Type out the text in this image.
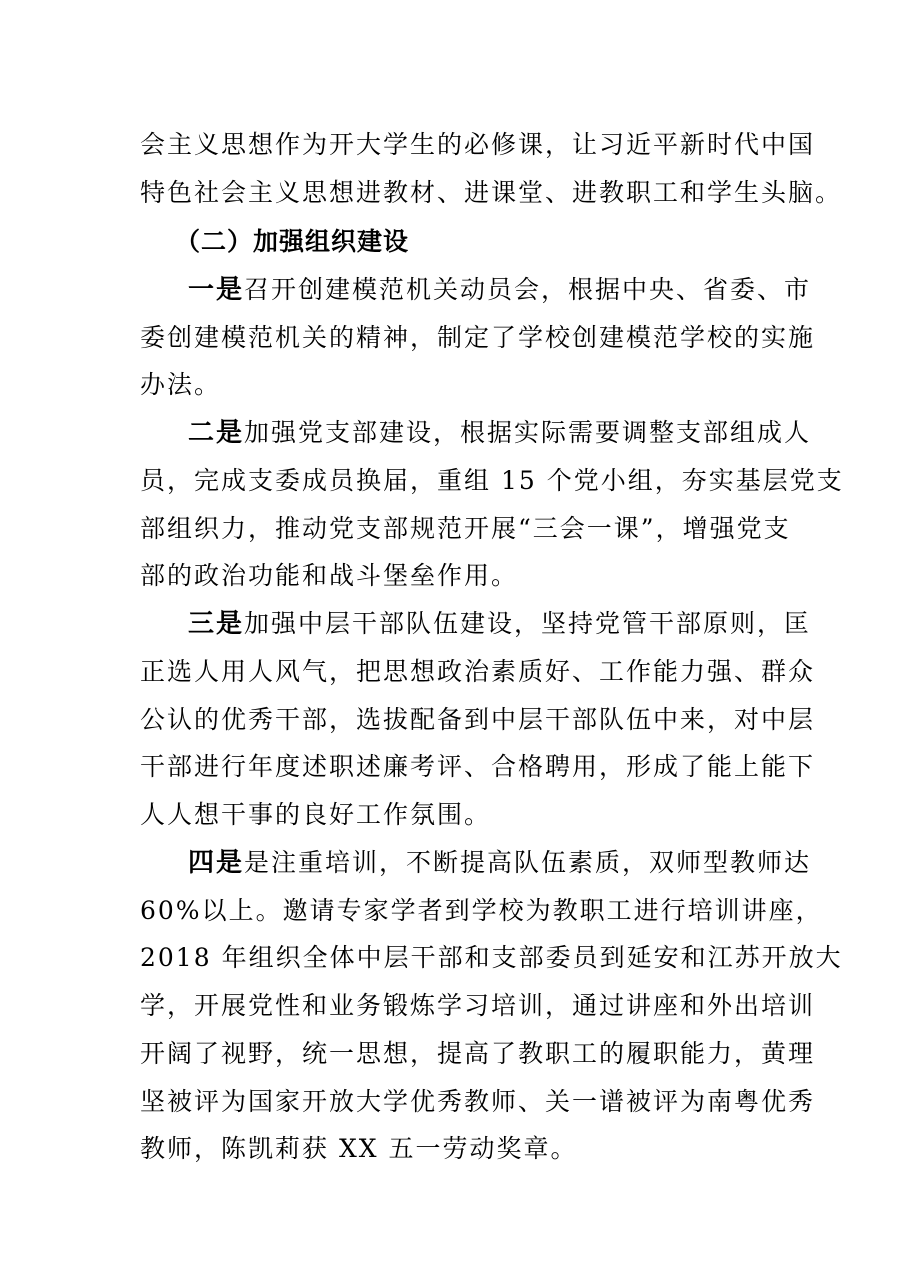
会主义思想作为开大学生的必修课，让习近平新时代中国
特色社会主义思想进教材、进课堂、进教职工和学生头脑。
（二）加强组织建设
一是召开创建模范机关动员会，根据中央、省委、市
委创建模范机关的精神，制定了学校创建模范学校的实施
办法。
二是加强党支部建设，根据实际需要调整支部组成人
员，完成支委成员换届，重组 15 个党小组，夯实基层党支
部组织力，推动党支部规范开展“三会一课”，增强党支
部的政治功能和战斗堡垒作用。
三是加强中层干部队伍建设，坚持党管干部原则，匡
正选人用人风气，把思想政治素质好、工作能力强、群众
公认的优秀干部，选拔配备到中层干部队伍中来，对中层
干部进行年度述职述廉考评、合格聘用，形成了能上能下
人人想干事的良好工作氛围。
四是是注重培训，不断提高队伍素质，双师型教师达
60%以上。邀请专家学者到学校为教职工进行培训讲座，
2018 年组织全体中层干部和支部委员到延安和江苏开放大
学，开展党性和业务锻炼学习培训，通过讲座和外出培训
开阔了视野，统一思想，提高了教职工的履职能力，黄理
坚被评为国家开放大学优秀教师、关一谱被评为南粤优秀
教师，陈凯莉获 XX 五一劳动奖章。
